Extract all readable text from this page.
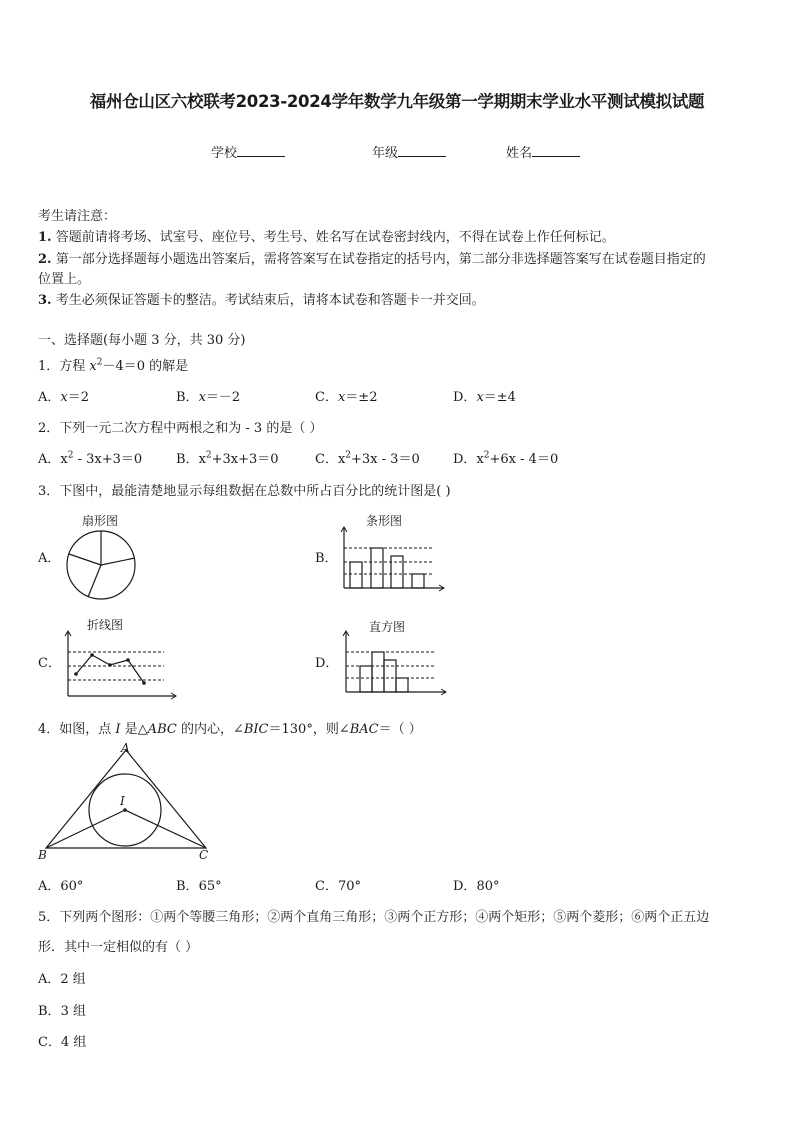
福州仓山区六校联考2023-2024学年数学九年级第一学期期末学业水平测试模拟试题
学校	年级	姓名
考生请注意：
1. 答题前请将考场、试室号、座位号、考生号、姓名写在试卷密封线内，不得在试卷上作任何标记。
2. 第一部分选择题每小题选出答案后，需将答案写在试卷指定的括号内，第二部分非选择题答案写在试卷题目指定的
位置上。
3. 考生必须保证答题卡的整洁。考试结束后，请将本试卷和答题卡一并交回。
一、选择题(每小题 3 分，共 30 分)
1．方程 $x^2-4=0$ 的解是
A．x＝2	B．x＝－2	C．x＝±2	D．x＝±4
2．下列一元二次方程中两根之和为 - 3 的是（ ）
A．$x^2 - 3x+3=0$	B．$x^2+3x+3=0$	C．$x^2+3x - 3=0$	D．$x^2+6x - 4=0$
3．下图中，最能清楚地显示每组数据在总数中所占百分比的统计图是( )
A．
扇形图
B．
条形图
C．
折线图
D．
直方图
4．如图，点 I 是△ABC 的内心，∠BIC＝130°，则∠BAC＝（ ）
A
I
B	C
A．60°	B．65°	C．70°	D．80°
5．下列两个图形：①两个等腰三角形；②两个直角三角形；③两个正方形；④两个矩形；⑤两个菱形；⑥两个正五边
形．其中一定相似的有（ ）
A．2 组
B．3 组
C．4 组
